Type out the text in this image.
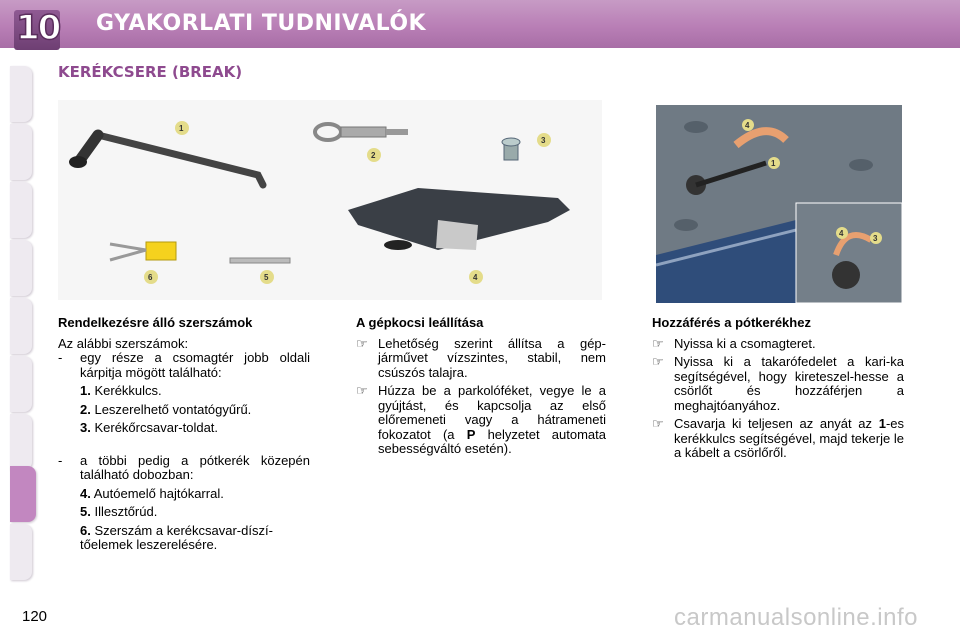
10 GYAKORLATI TUDNIVALÓK
KERÉKCSERE (BREAK)
1
2
3
4
5
6
1
4
4
3

Rendelkezésre álló szerszámok

Az alábbi szerszámok:

- egy része a csomagtér jobb oldali kárpitja mögött található:

1. Kerékkulcs.

2. Leszerelhető vontatógyűrű.

3. Kerékőrcsavar-toldat.

- a többi pedig a pótkerék közepén található dobozban:

4. Autóemelő hajtókarral.

5. Illesztőrúd.

6. Szerszám a kerékcsavar-díszí-tőelemek leszerelésére.

A gépkocsi leállítása

☞ Lehetőség szerint állítsa a gép-járművet vízszintes, stabil, nem csúszós talajra.

☞ Húzza be a parkolóféket, vegye le a gyújtást, és kapcsolja az első előremeneti vagy a hátrameneti fokozatot (a P helyzetet automata sebességváltó esetén).

Hozzáférés a pótkerékhez

☞ Nyissa ki a csomagteret.

☞ Nyissa ki a takarófedelet a kari-ka segítségével, hogy kireteszel-hesse a csörlőt és hozzáférjen a meghajtóanyához.

☞ Csavarja ki teljesen az anyát az 1-es kerékkulcs segítségével, majd tekerje le a kábelt a csörlőről.

120	carmanualsonline.info
